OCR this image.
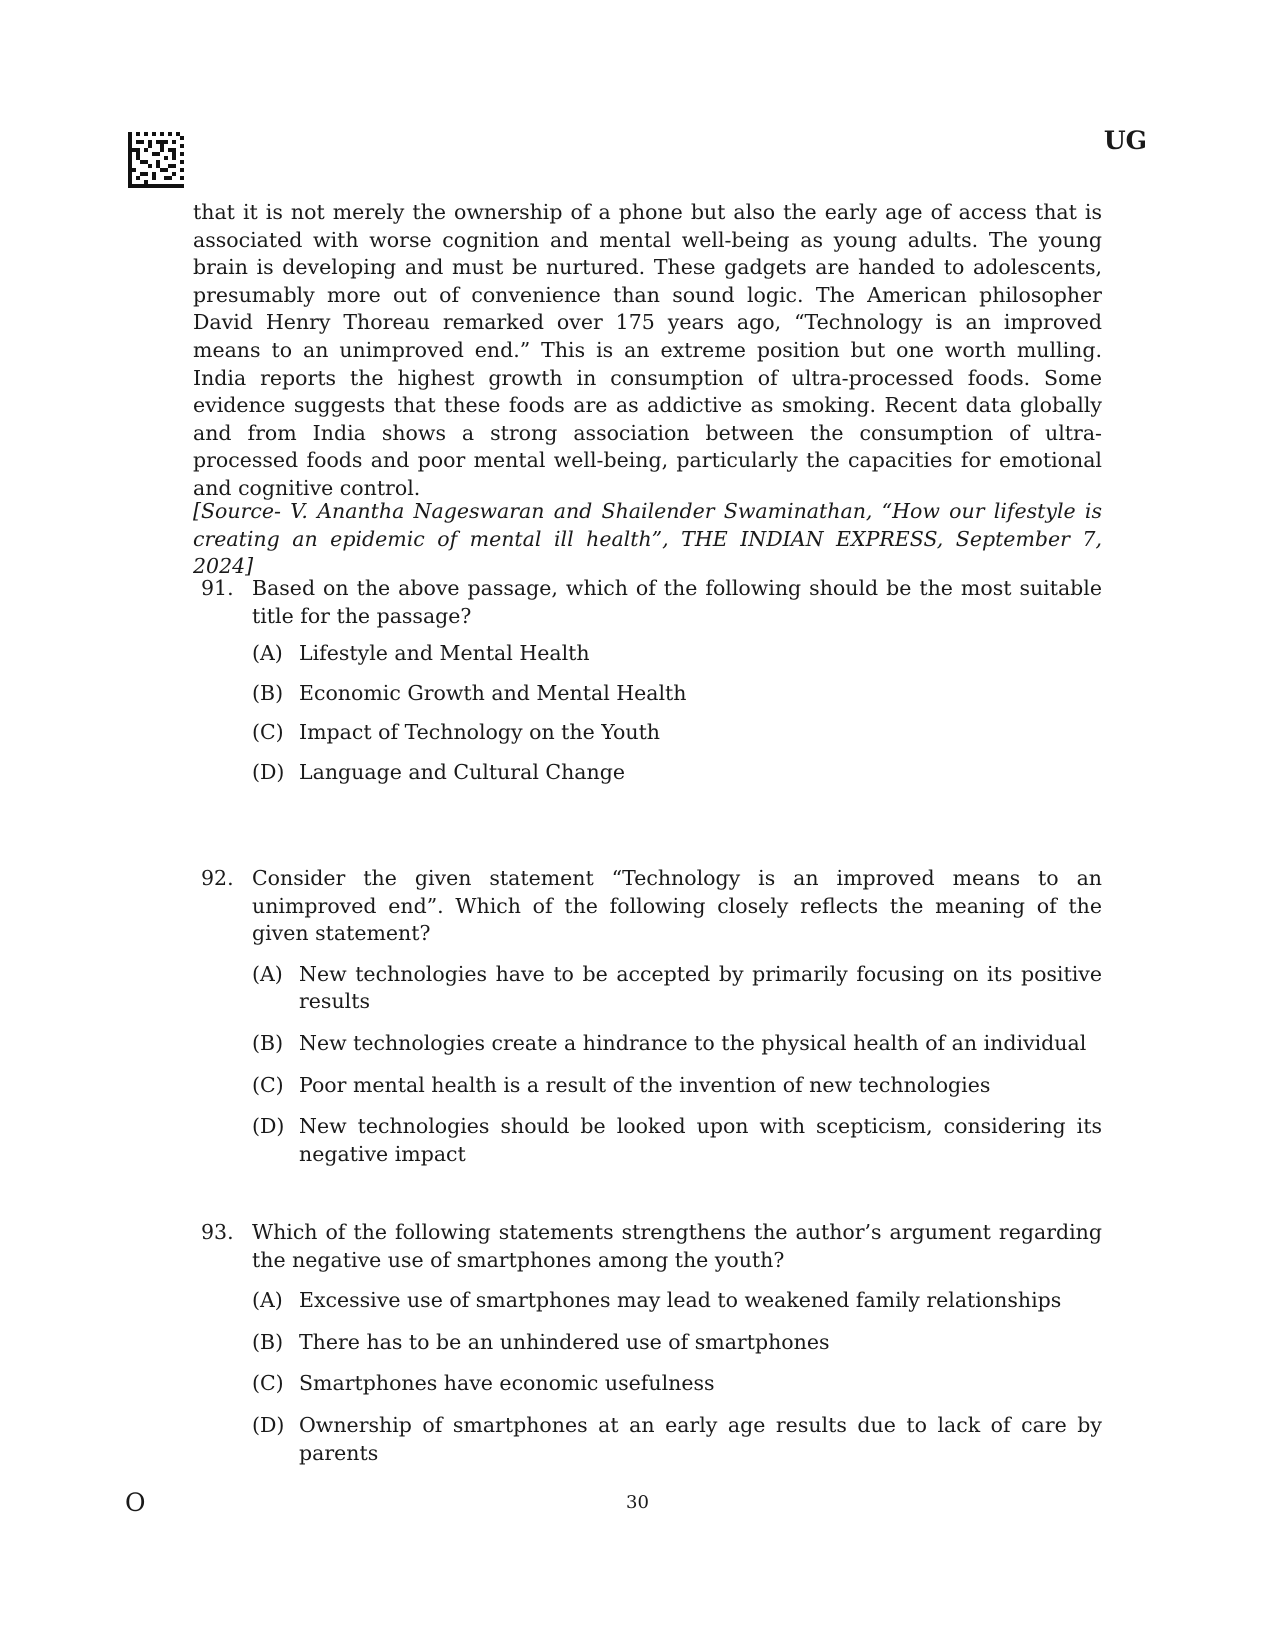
UG

that it is not merely the ownership of a phone but also the early age of access that is associated with worse cognition and mental well-being as young adults. The young brain is developing and must be nurtured. These gadgets are handed to adolescents, presumably more out of convenience than sound logic. The American philosopher David Henry Thoreau remarked over 175 years ago, “Technology is an improved means to an unimproved end.” This is an extreme position but one worth mulling. India reports the highest growth in consumption of ultra-processed foods. Some evidence suggests that these foods are as addictive as smoking. Recent data globally and from India shows a strong association between the consumption of ultra-processed foods and poor mental well-being, particularly the capacities for emotional and cognitive control.

[Source- V. Anantha Nageswaran and Shailender Swaminathan, “How our lifestyle is creating an epidemic of mental ill health”, THE INDIAN EXPRESS, September 7, 2024]

91. Based on the above passage, which of the following should be the most suitable title for the passage?
(A) Lifestyle and Mental Health
(B) Economic Growth and Mental Health
(C) Impact of Technology on the Youth
(D) Language and Cultural Change
92. Consider the given statement “Technology is an improved means to an unimproved end”. Which of the following closely reflects the meaning of the given statement?
(A) New technologies have to be accepted by primarily focusing on its positive results
(B) New technologies create a hindrance to the physical health of an individual
(C) Poor mental health is a result of the invention of new technologies
(D) New technologies should be looked upon with scepticism, considering its negative impact
93. Which of the following statements strengthens the author’s argument regarding the negative use of smartphones among the youth?
(A) Excessive use of smartphones may lead to weakened family relationships
(B) There has to be an unhindered use of smartphones
(C) Smartphones have economic usefulness
(D) Ownership of smartphones at an early age results due to lack of care by parents
O	30
